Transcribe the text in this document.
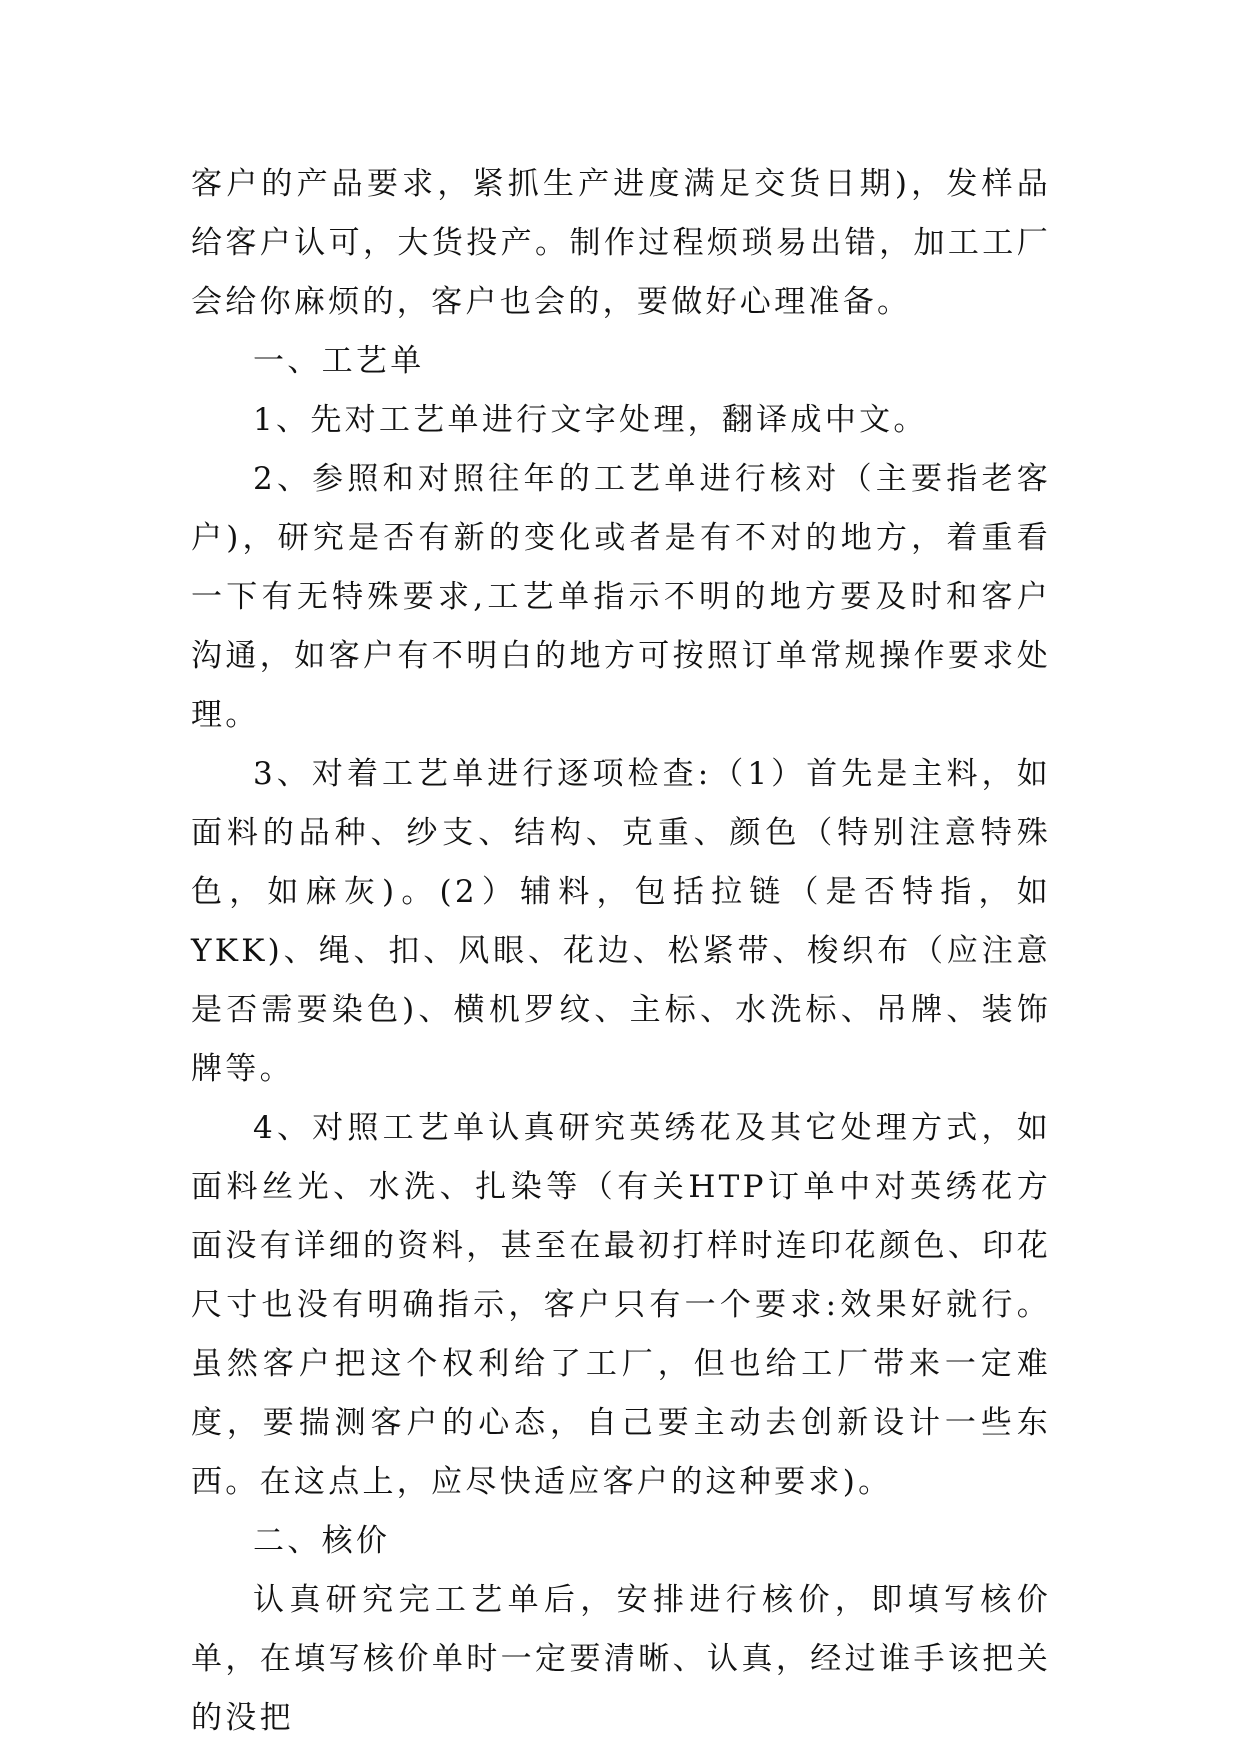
客户的产品要求，紧抓生产进度满足交货日期)，发样品给客户认可，大货投产。制作过程烦琐易出错，加工工厂会给你麻烦的，客户也会的，要做好心理准备。

一、工艺单

1、先对工艺单进行文字处理，翻译成中文。

2、参照和对照往年的工艺单进行核对（主要指老客户)，研究是否有新的变化或者是有不对的地方，着重看一下有无特殊要求,工艺单指示不明的地方要及时和客户沟通，如客户有不明白的地方可按照订单常规操作要求处理。

3、对着工艺单进行逐项检查:（1）首先是主料，如面料的品种、纱支、结构、克重、颜色（特别注意特殊色，如麻灰)。(2）辅料，包括拉链（是否特指，如YKK)、绳、扣、风眼、花边、松紧带、梭织布（应注意是否需要染色)、横机罗纹、主标、水洗标、吊牌、装饰牌等。

4、对照工艺单认真研究英绣花及其它处理方式，如面料丝光、水洗、扎染等（有关HTP订单中对英绣花方面没有详细的资料，甚至在最初打样时连印花颜色、印花尺寸也没有明确指示，客户只有一个要求:效果好就行。虽然客户把这个权利给了工厂，但也给工厂带来一定难度，要揣测客户的心态，自己要主动去创新设计一些东西。在这点上，应尽快适应客户的这种要求)。

二、核价

认真研究完工艺单后，安排进行核价，即填写核价单，在填写核价单时一定要清晰、认真，经过谁手该把关的没把
